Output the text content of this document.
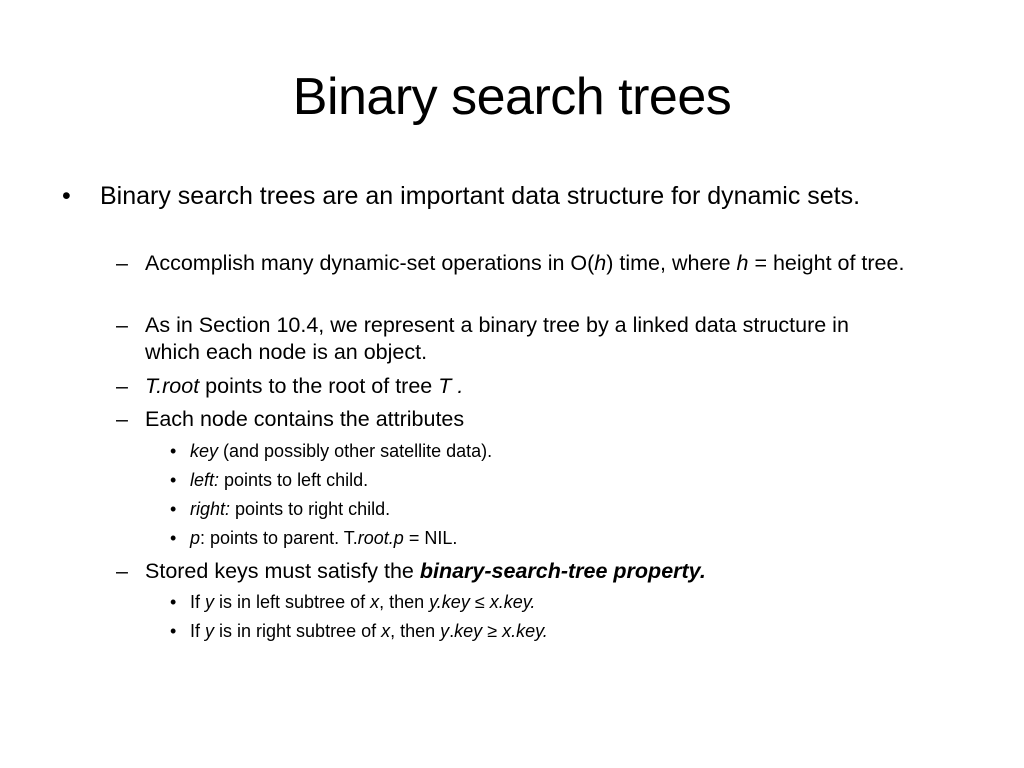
Binary search trees
• Binary search trees are an important data structure for dynamic sets.
– Accomplish many dynamic-set operations in O(h) time, where h = height of tree.
– As in Section 10.4, we represent a binary tree by a linked data structure in which each node is an object.
– T.root points to the root of tree T .
– Each node contains the attributes
• key (and possibly other satellite data).
• left: points to left child.
• right: points to right child.
• p: points to parent. T.root.p = NIL.
– Stored keys must satisfy the binary-search-tree property.
• If y is in left subtree of x, then y.key ≤ x.key.
• If y is in right subtree of x, then y.key ≥ x.key.
